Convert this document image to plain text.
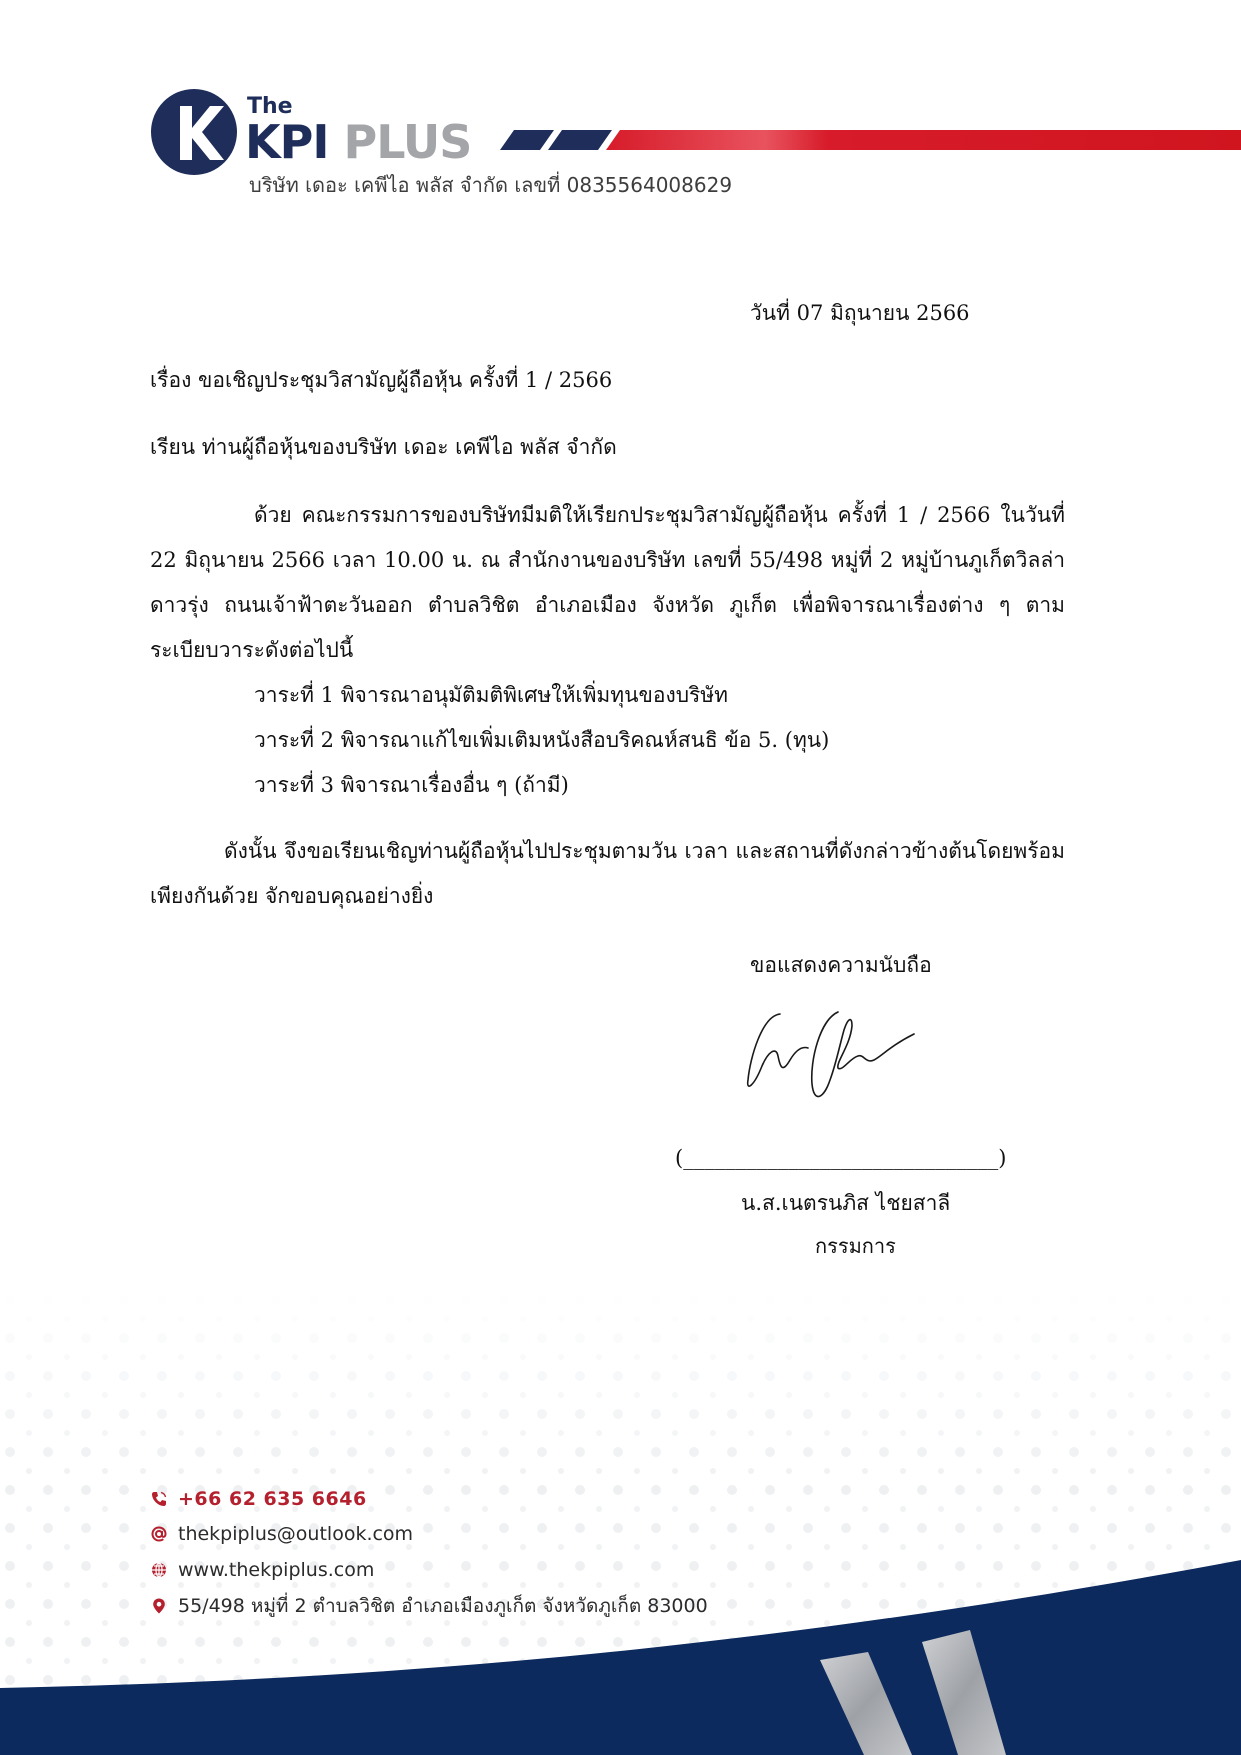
The
KPI PLUS
บริษัท เดอะ เคพีไอ พลัส จำกัด เลขที่ 0835564008629
วันที่ 07 มิถุนายน 2566
เรื่อง ขอเชิญประชุมวิสามัญผู้ถือหุ้น ครั้งที่ 1 / 2566
เรียน ท่านผู้ถือหุ้นของบริษัท เดอะ เคพีไอ พลัส จำกัด
ด้วย คณะกรรมการของบริษัทมีมติให้เรียกประชุมวิสามัญผู้ถือหุ้น ครั้งที่ 1 / 2566 ในวันที่ 22 มิถุนายน 2566 เวลา 10.00 น. ณ สำนักงานของบริษัท เลขที่ 55/498 หมู่ที่ 2 หมู่บ้านภูเก็ตวิลล่าดาวรุ่ง ถนนเจ้าฟ้าตะวันออก ตำบลวิชิต อำเภอเมือง จังหวัด ภูเก็ต เพื่อพิจารณาเรื่องต่าง ๆ ตามระเบียบวาระดังต่อไปนี้
วาระที่ 1 พิจารณาอนุมัติมติพิเศษให้เพิ่มทุนของบริษัท
วาระที่ 2 พิจารณาแก้ไขเพิ่มเติมหนังสือบริคณห์สนธิ ข้อ 5. (ทุน)
วาระที่ 3 พิจารณาเรื่องอื่น ๆ (ถ้ามี)
ดังนั้น จึงขอเรียนเชิญท่านผู้ถือหุ้นไปประชุมตามวัน เวลา และสถานที่ดังกล่าวข้างต้นโดยพร้อมเพียงกันด้วย จักขอบคุณอย่างยิ่ง
ขอแสดงความนับถือ
(______________________________)
น.ส.เนตรนภิส ไชยสาลี
กรรมการ
+66 62 635 6646
thekpiplus@outlook.com
www.thekpiplus.com
55/498 หมู่ที่ 2 ตำบลวิชิต อำเภอเมืองภูเก็ต จังหวัดภูเก็ต 83000
